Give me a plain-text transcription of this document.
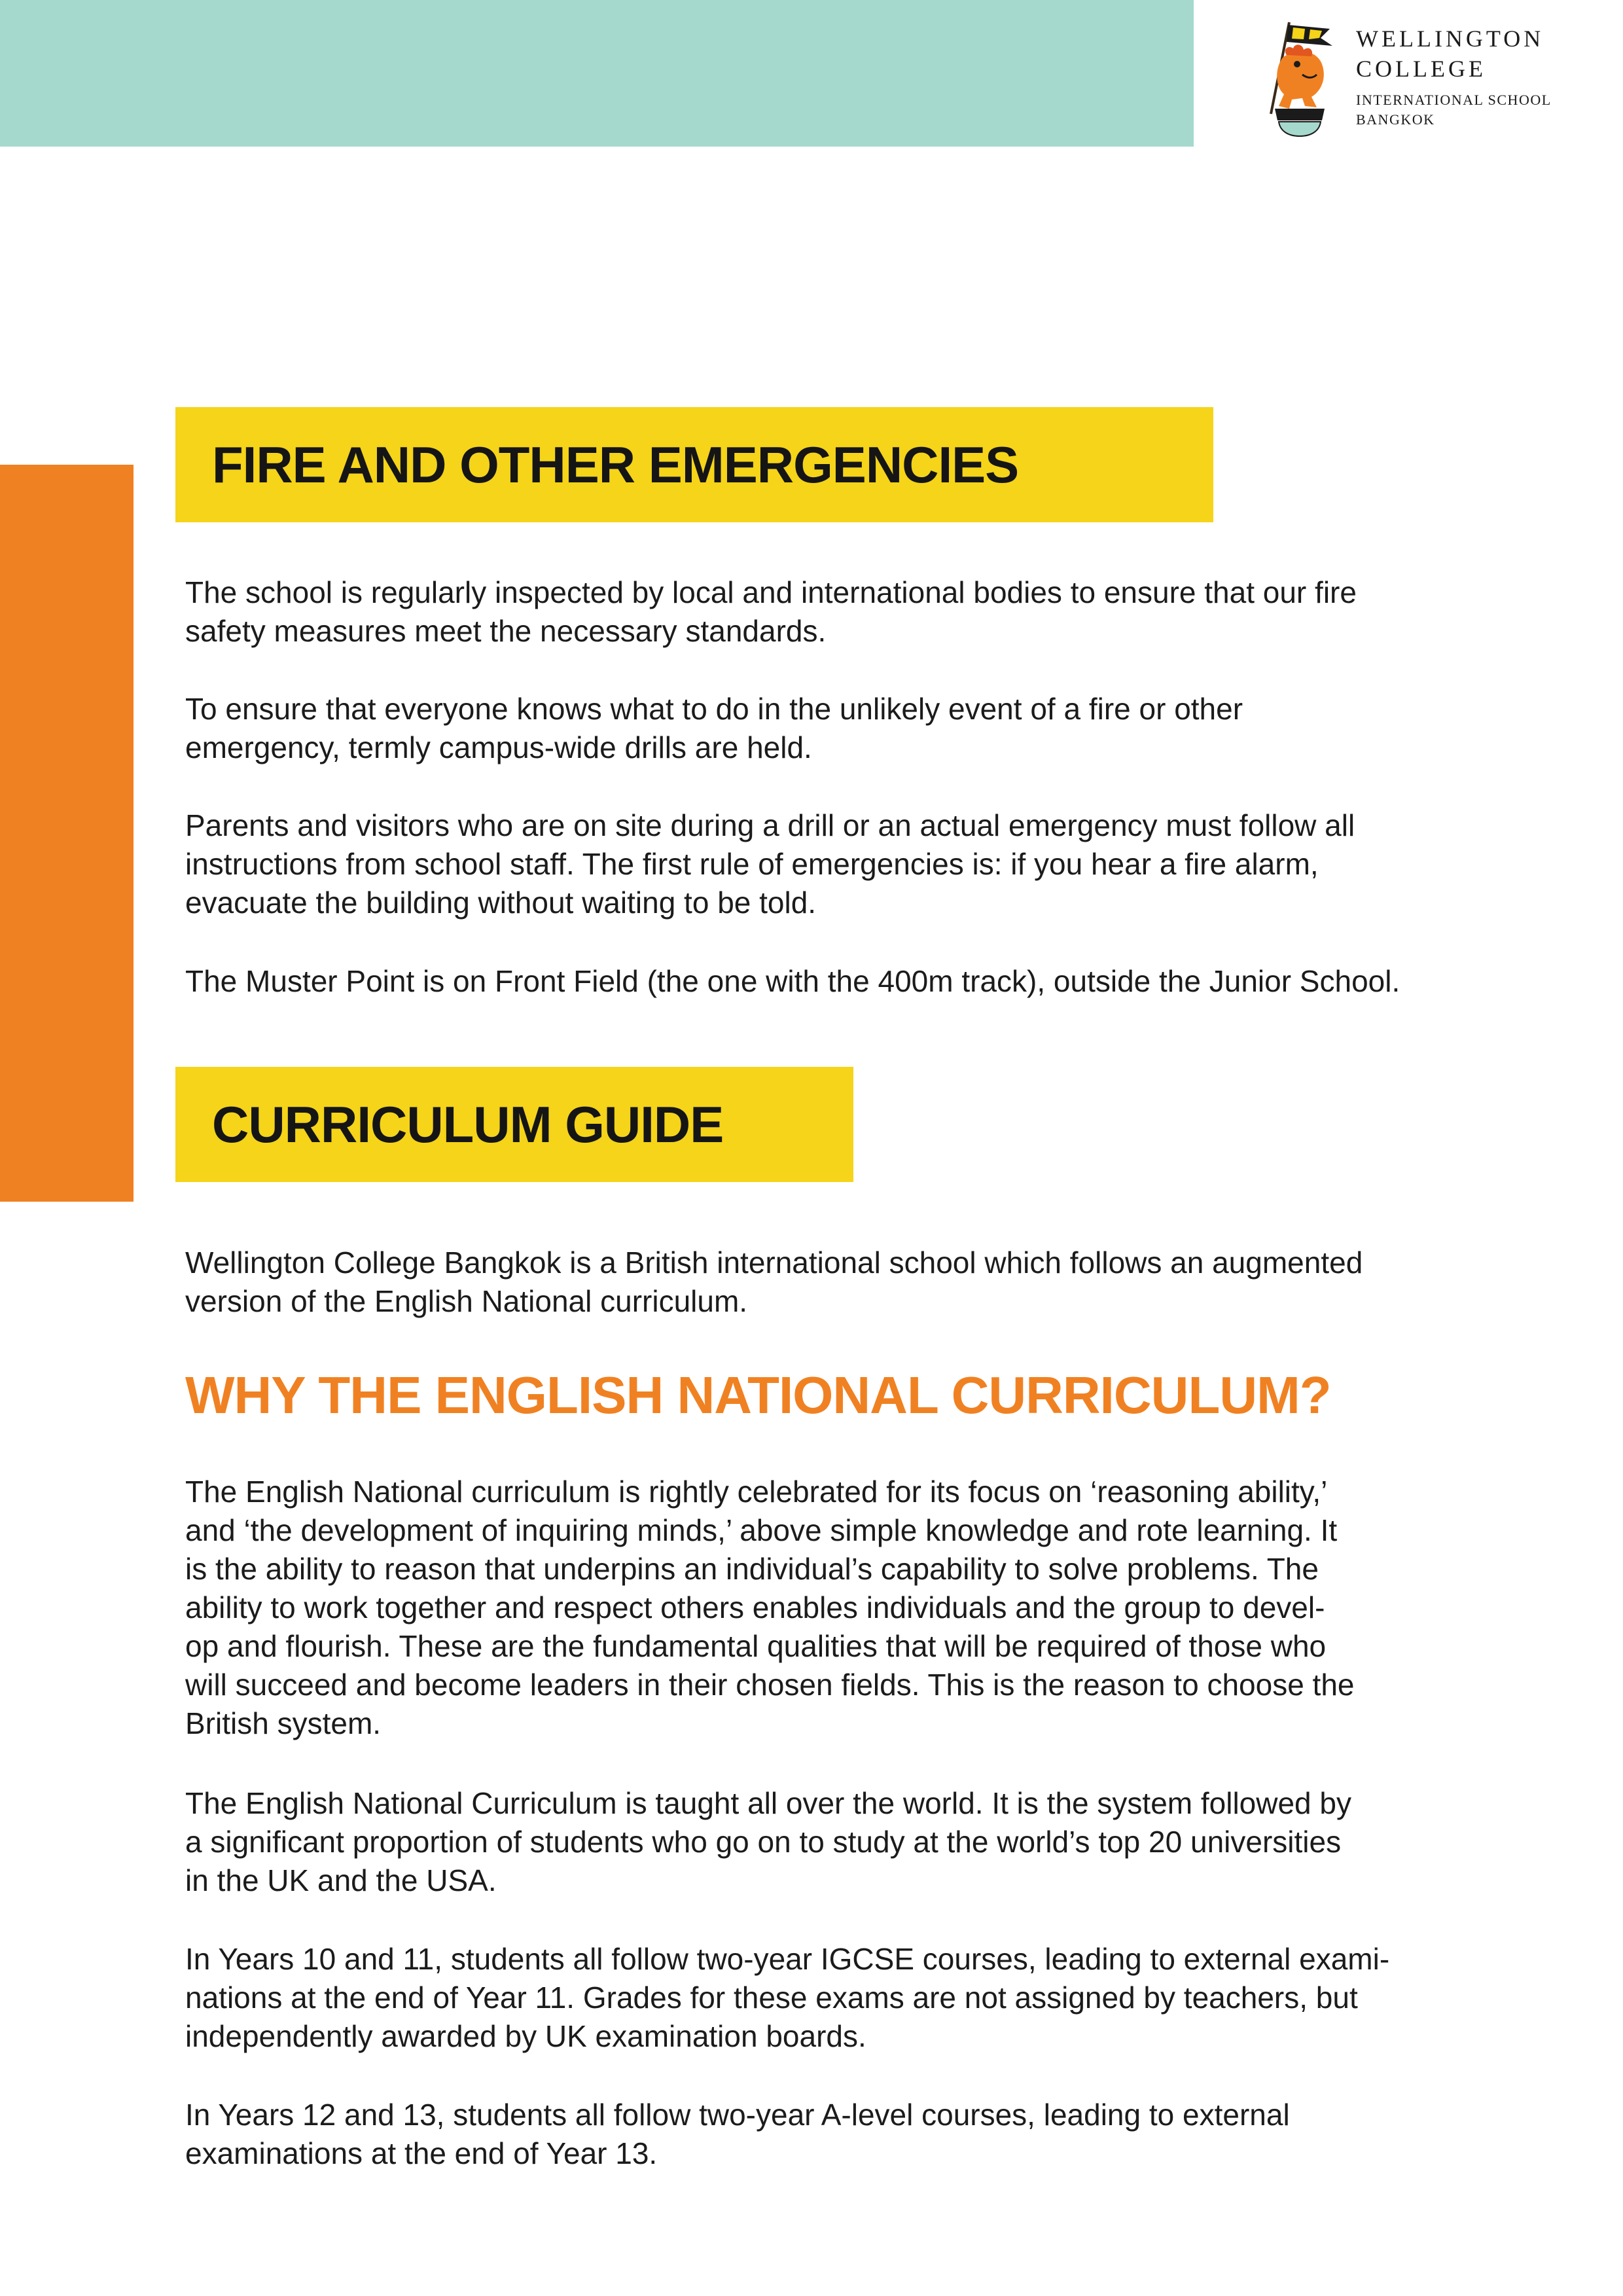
WELLINGTON
COLLEGE
INTERNATIONAL SCHOOL
BANGKOK
FIRE AND OTHER EMERGENCIES

The school is regularly inspected by local and international bodies to ensure that our fire
safety measures meet the necessary standards.

To ensure that everyone knows what to do in the unlikely event of a fire or other
emergency, termly campus-wide drills are held.

Parents and visitors who are on site during a drill or an actual emergency must follow all
instructions from school staff. The first rule of emergencies is: if you hear a fire alarm,
evacuate the building without waiting to be told.

The Muster Point is on Front Field (the one with the 400m track), outside the Junior School.

CURRICULUM GUIDE

Wellington College Bangkok is a British international school which follows an augmented
version of the English National curriculum.

WHY THE ENGLISH NATIONAL CURRICULUM?

The English National curriculum is rightly celebrated for its focus on ‘reasoning ability,’
and ‘the development of inquiring minds,’ above simple knowledge and rote learning. It
is the ability to reason that underpins an individual’s capability to solve problems. The
ability to work together and respect others enables individuals and the group to devel-
op and flourish. These are the fundamental qualities that will be required of those who
will succeed and become leaders in their chosen fields. This is the reason to choose the
British system.

The English National Curriculum is taught all over the world. It is the system followed by
a significant proportion of students who go on to study at the world’s top 20 universities
in the UK and the USA.

In Years 10 and 11, students all follow two-year IGCSE courses, leading to external exami-
nations at the end of Year 11. Grades for these exams are not assigned by teachers, but
independently awarded by UK examination boards.

In Years 12 and 13, students all follow two-year A-level courses, leading to external
examinations at the end of Year 13.
